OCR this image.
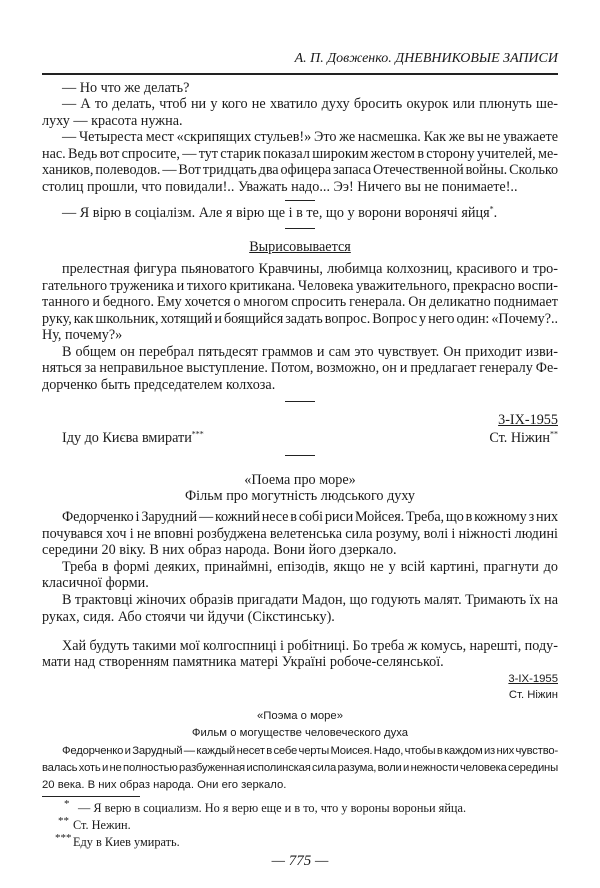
А. П. Довженко. ДНЕВНИКОВЫЕ ЗАПИСИ
— Но что же делать?
— А то делать, чтоб ни у кого не хватило духу бросить окурок или плюнуть ше-
луху — красота нужна.
— Четыреста мест «скрипящих стульев!» Это же насмешка. Как же вы не уважаете
нас. Ведь вот спросите, — тут старик показал широким жестом в сторону учителей, ме-
хаников, полеводов. — Вот тридцать два офицера запаса Отечественной войны. Сколько
столиц прошли, что повидали!.. Уважать надо... Ээ! Ничего вы не понимаете!..
— Я вірю в соціалізм. Але я вірю ще і в те, що у ворони воронячі яйця*.
Вырисовывается
прелестная фигура пьяноватого Кравчины, любимца колхозниц, красивого и тро-
гательного труженика и тихого критикана. Человека уважительного, прекрасно воспи-
танного и бедного. Ему хочется о многом спросить генерала. Он деликатно поднимает
руку, как школьник, хотящий и боящийся задать вопрос. Вопрос у него один: «Почему?..
Ну, почему?»
В общем он перебрал пятьдесят граммов и сам это чувствует. Он приходит изви-
няться за неправильное выступление. Потом, возможно, он и предлагает генералу Фе-
дорченко быть председателем колхоза.
3-IX-1955
Ст. Ніжин**
Іду до Києва вмирати***
«Поема про море»
Фільм про могутність людського духу
Федорченко і Зарудний — кожний несе в собі риси Мойсея. Треба, що в кожному з них
почувався хоч і не вповні розбуджена велетенська сила розуму, волі і ніжності людині
середини 20 віку. В них образ народа. Вони його дзеркало.
Треба в формі деяких, принаймні, епізодів, якщо не у всій картині, прагнути до
класичної форми.
В трактовці жіночих образів пригадати Мадон, що годують малят. Тримають їх на
руках, сидя. Або стоячи чи йдучи (Сікстинську).
Хай будуть такими мої колгоспниці і робітниці. Бо треба ж комусь, нарешті, поду-
мати над створенням памятника матері Україні робоче-селянської.
3-IX-1955
Ст. Ніжин
«Поэма о море»
Фильм о могуществе человеческого духа
Федорченко и Зарудный — каждый несет в себе черты Моисея. Надо, чтобы в каждом из них чувство-
валась хоть и не полностью разбуженная исполинская сила разума, воли и нежности человека середины
20 века. В них образ народа. Они его зеркало.
* — Я верю в социализм. Но я верю еще и в то, что у вороны вороньи яйца.
** Ст. Нежин.
*** Еду в Киев умирать.
— 775 —
